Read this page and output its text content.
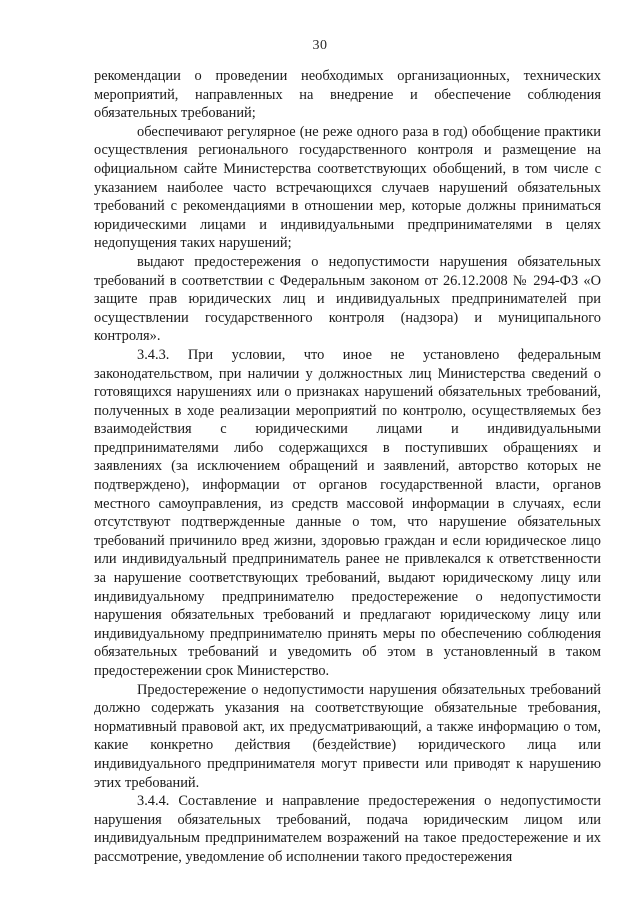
30

рекомендации о проведении необходимых организационных, технических мероприятий, направленных на внедрение и обеспечение соблюдения обязательных требований;

обеспечивают регулярное (не реже одного раза в год) обобщение практики осуществления регионального государственного контроля и размещение на официальном сайте Министерства соответствующих обобщений, в том числе с указанием наиболее часто встречающихся случаев нарушений обязательных требований с рекомендациями в отношении мер, которые должны приниматься юридическими лицами и индивидуальными предпринимателями в целях недопущения таких нарушений;

выдают предостережения о недопустимости нарушения обязательных требований в соответствии с Федеральным законом от 26.12.2008 № 294-ФЗ «О защите прав юридических лиц и индивидуальных предпринимателей при осуществлении государственного контроля (надзора) и муниципального контроля».

3.4.3. При условии, что иное не установлено федеральным законодательством, при наличии у должностных лиц Министерства сведений о готовящихся нарушениях или о признаках нарушений обязательных требований, полученных в ходе реализации мероприятий по контролю, осуществляемых без взаимодействия с юридическими лицами и индивидуальными предпринимателями либо содержащихся в поступивших обращениях и заявлениях (за исключением обращений и заявлений, авторство которых не подтверждено), информации от органов государственной власти, органов местного самоуправления, из средств массовой информации в случаях, если отсутствуют подтвержденные данные о том, что нарушение обязательных требований причинило вред жизни, здоровью граждан и если юридическое лицо или индивидуальный предприниматель ранее не привлекался к ответственности за нарушение соответствующих требований, выдают юридическому лицу или индивидуальному предпринимателю предостережение о недопустимости нарушения обязательных требований и предлагают юридическому лицу или индивидуальному предпринимателю принять меры по обеспечению соблюдения обязательных требований и уведомить об этом в установленный в таком предостережении срок Министерство.

Предостережение о недопустимости нарушения обязательных требований должно содержать указания на соответствующие обязательные требования, нормативный правовой акт, их предусматривающий, а также информацию о том, какие конкретно действия (бездействие) юридического лица или индивидуального предпринимателя могут привести или приводят к нарушению этих требований.

3.4.4. Составление и направление предостережения о недопустимости нарушения обязательных требований, подача юридическим лицом или индивидуальным предпринимателем возражений на такое предостережение и их рассмотрение, уведомление об исполнении такого предостережения
